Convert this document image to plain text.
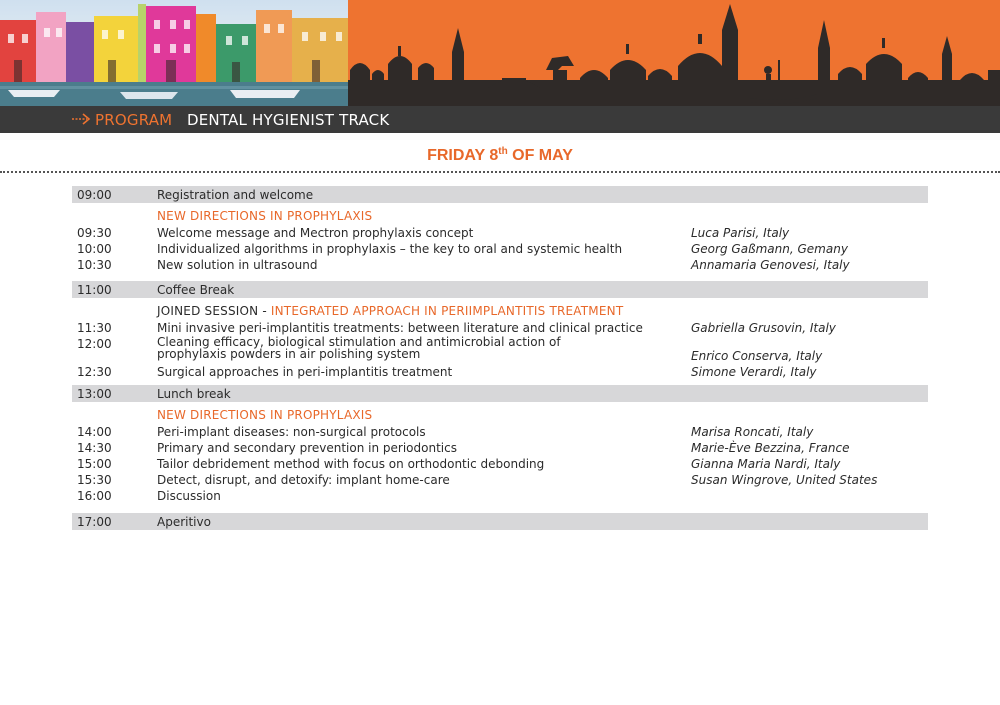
PROGRAM DENTAL HYGIENIST TRACK
FRIDAY 8th OF MAY
09:00	Registration and welcome
NEW DIRECTIONS IN PROPHYLAXIS
09:30	Welcome message and Mectron prophylaxis concept	Luca Parisi, Italy
10:00	Individualized algorithms in prophylaxis – the key to oral and systemic health	Georg Gaßmann, Gemany
10:30	New solution in ultrasound	Annamaria Genovesi, Italy
11:00	Coffee Break
JOINED SESSION - INTEGRATED APPROACH IN PERIIMPLANTITIS TREATMENT
11:30	Mini invasive peri-implantitis treatments: between literature and clinical practice	Gabriella Grusovin, Italy
12:00	Cleaning efficacy, biological stimulation and antimicrobial action of
prophylaxis powders in air polishing system	Enrico Conserva, Italy
12:30	Surgical approaches in peri-implantitis treatment	Simone Verardi, Italy
13:00	Lunch break
NEW DIRECTIONS IN PROPHYLAXIS
14:00	Peri-implant diseases: non-surgical protocols	Marisa Roncati, Italy
14:30	Primary and secondary prevention in periodontics	Marie-Ève Bezzina, France
15:00	Tailor debridement method with focus on orthodontic debonding	Gianna Maria Nardi, Italy
15:30	Detect, disrupt, and detoxify: implant home-care	Susan Wingrove, United States
16:00	Discussion
17:00	Aperitivo
